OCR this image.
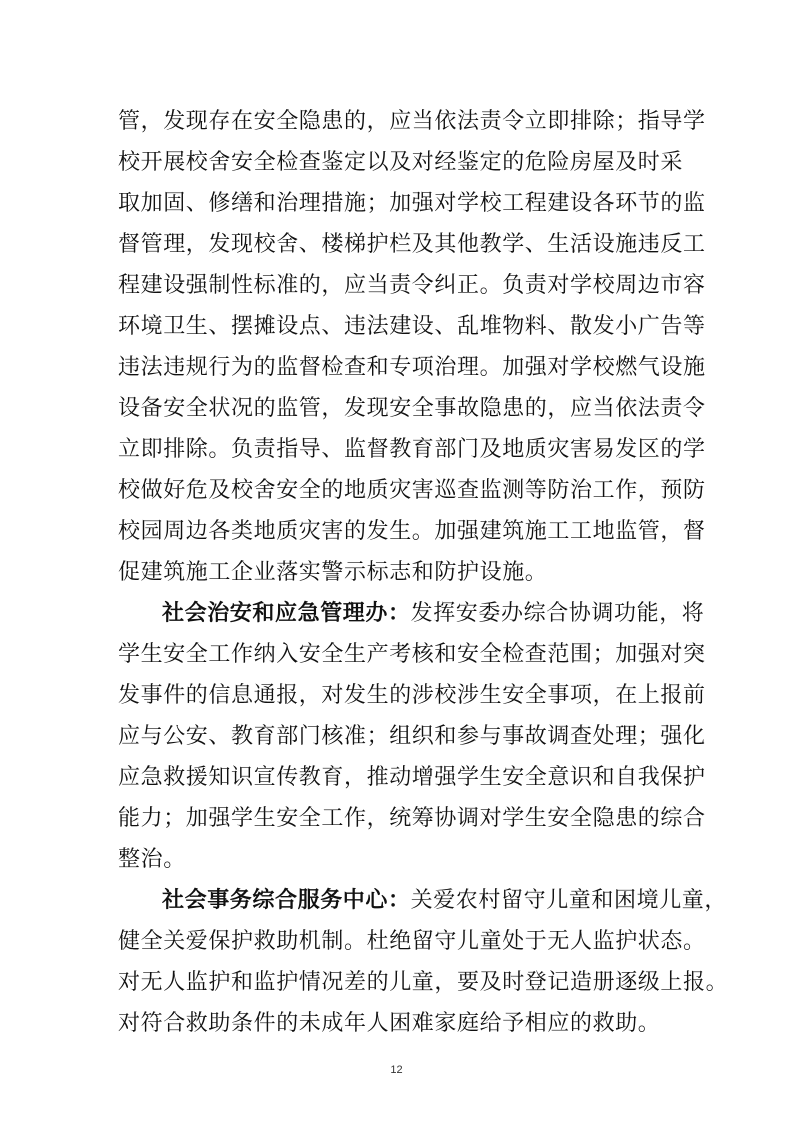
管，发现存在安全隐患的，应当依法责令立即排除；指导学
校开展校舍安全检查鉴定以及对经鉴定的危险房屋及时采
取加固、修缮和治理措施；加强对学校工程建设各环节的监
督管理，发现校舍、楼梯护栏及其他教学、生活设施违反工
程建设强制性标准的，应当责令纠正。负责对学校周边市容
环境卫生、摆摊设点、违法建设、乱堆物料、散发小广告等
违法违规行为的监督检查和专项治理。加强对学校燃气设施
设备安全状况的监管，发现安全事故隐患的，应当依法责令
立即排除。负责指导、监督教育部门及地质灾害易发区的学
校做好危及校舍安全的地质灾害巡查监测等防治工作，预防
校园周边各类地质灾害的发生。加强建筑施工工地监管，督
促建筑施工企业落实警示标志和防护设施。
社会治安和应急管理办：发挥安委办综合协调功能，将
学生安全工作纳入安全生产考核和安全检查范围；加强对突
发事件的信息通报，对发生的涉校涉生安全事项，在上报前
应与公安、教育部门核准；组织和参与事故调查处理；强化
应急救援知识宣传教育，推动增强学生安全意识和自我保护
能力；加强学生安全工作，统筹协调对学生安全隐患的综合
整治。
社会事务综合服务中心：关爱农村留守儿童和困境儿童，
健全关爱保护救助机制。杜绝留守儿童处于无人监护状态。
对无人监护和监护情况差的儿童，要及时登记造册逐级上报。
对符合救助条件的未成年人困难家庭给予相应的救助。
12
